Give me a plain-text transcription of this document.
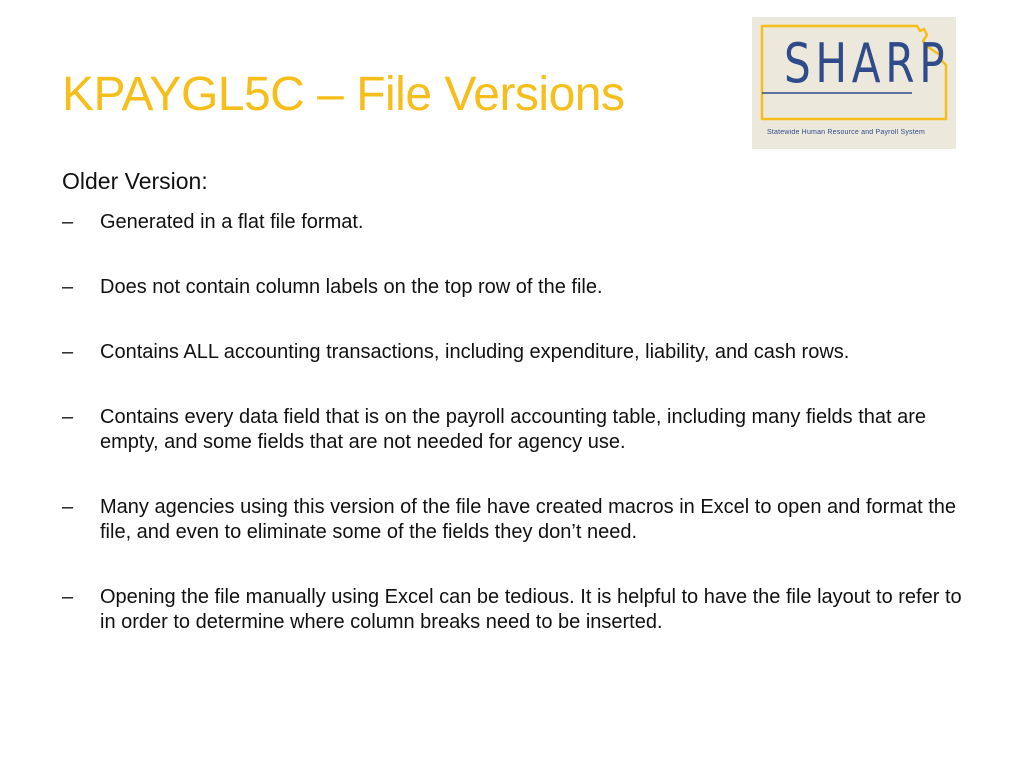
KPAYGL5C – File Versions	SHARP
Statewide Human Resource and Payroll System
Older Version:
– Generated in a flat file format.
– Does not contain column labels on the top row of the file.
– Contains ALL accounting transactions, including expenditure, liability, and cash rows.
– Contains every data field that is on the payroll accounting table, including many fields that are empty, and some fields that are not needed for agency use.
– Many agencies using this version of the file have created macros in Excel to open and format the file, and even to eliminate some of the fields they don’t need.
– Opening the file manually using Excel can be tedious. It is helpful to have the file layout to refer to in order to determine where column breaks need to be inserted.
